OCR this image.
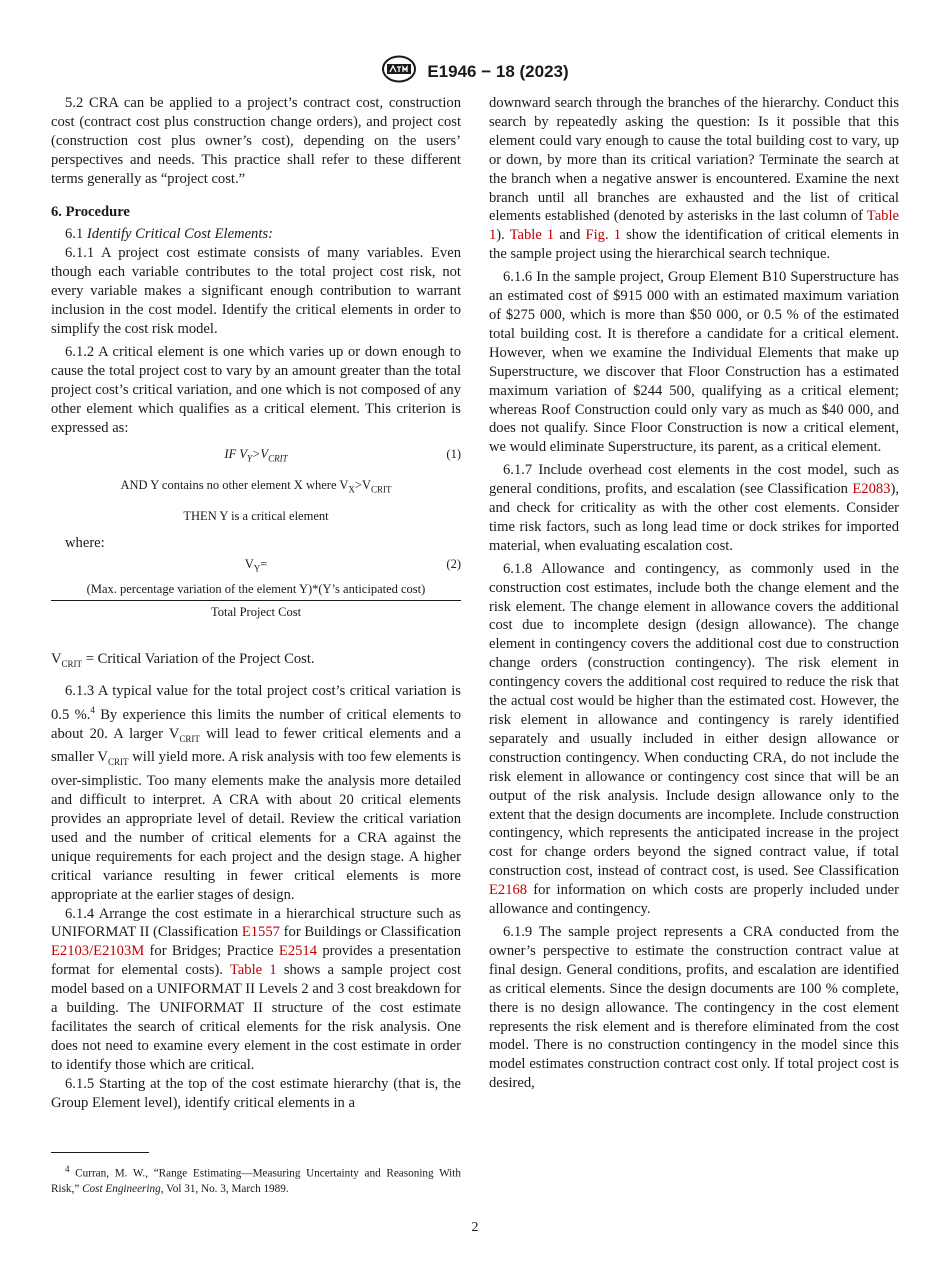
E1946 − 18 (2023)

5.2 CRA can be applied to a project’s contract cost, construction cost (contract cost plus construction change orders), and project cost (construction cost plus owner’s cost), depending on the users’ perspectives and needs. This practice shall refer to these different terms generally as “project cost.”

6. Procedure

6.1 Identify Critical Cost Elements:

6.1.1 A project cost estimate consists of many variables. Even though each variable contributes to the total project cost risk, not every variable makes a significant enough contribution to warrant inclusion in the cost model. Identify the critical elements in order to simplify the cost risk model.

6.1.2 A critical element is one which varies up or down enough to cause the total project cost to vary by an amount greater than the total project cost’s critical variation, and one which is not composed of any other element which qualifies as a critical element. This criterion is expressed as:

IF $V_Y>V_{CRIT}$	(1)
AND Y contains no other element X where $V_X>V_{CRIT}$
THEN Y is a critical element

where:

$V_Y=$	(2)
(Max. percentage variation of the element Y)*(Y’s anticipated cost)
Total Project Cost

$V_{CRIT}$ = Critical Variation of the Project Cost.

6.1.3 A typical value for the total project cost’s critical variation is 0.5 %.$^4$ By experience this limits the number of critical elements to about 20. A larger $V_{CRIT}$ will lead to fewer critical elements and a smaller $V_{CRIT}$ will yield more. A risk analysis with too few elements is over-simplistic. Too many elements make the analysis more detailed and difficult to interpret. A CRA with about 20 critical elements provides an appropriate level of detail. Review the critical variation used and the number of critical elements for a CRA against the unique requirements for each project and the design stage. A higher critical variance resulting in fewer critical elements is more appropriate at the earlier stages of design.

6.1.4 Arrange the cost estimate in a hierarchical structure such as UNIFORMAT II (Classification E1557 for Buildings or Classification E2103/E2103M for Bridges; Practice E2514 provides a presentation format for elemental costs). Table 1 shows a sample project cost model based on a UNIFORMAT II Levels 2 and 3 cost breakdown for a building. The UNIFORMAT II structure of the cost estimate facilitates the search of critical elements for the risk analysis. One does not need to examine every element in the cost estimate in order to identify those which are critical.

6.1.5 Starting at the top of the cost estimate hierarchy (that is, the Group Element level), identify critical elements in a

downward search through the branches of the hierarchy. Conduct this search by repeatedly asking the question: Is it possible that this element could vary enough to cause the total building cost to vary, up or down, by more than its critical variation? Terminate the search at the branch when a negative answer is encountered. Examine the next branch until all branches are exhausted and the list of critical elements established (denoted by asterisks in the last column of Table 1). Table 1 and Fig. 1 show the identification of critical elements in the sample project using the hierarchical search technique.

6.1.6 In the sample project, Group Element B10 Superstructure has an estimated cost of $915 000 with an estimated maximum variation of $275 000, which is more than $50 000, or 0.5 % of the estimated total building cost. It is therefore a candidate for a critical element. However, when we examine the Individual Elements that make up Superstructure, we discover that Floor Construction has a estimated maximum variation of $244 500, qualifying as a critical element; whereas Roof Construction could only vary as much as $40 000, and does not qualify. Since Floor Construction is now a critical element, we would eliminate Superstructure, its parent, as a critical element.

6.1.7 Include overhead cost elements in the cost model, such as general conditions, profits, and escalation (see Classification E2083), and check for criticality as with the other cost elements. Consider time risk factors, such as long lead time or dock strikes for imported material, when evaluating escalation cost.

6.1.8 Allowance and contingency, as commonly used in the construction cost estimates, include both the change element and the risk element. The change element in allowance covers the additional cost due to incomplete design (design allowance). The change element in contingency covers the additional cost due to construction change orders (construction contingency). The risk element in contingency covers the additional cost required to reduce the risk that the actual cost would be higher than the estimated cost. However, the risk element in allowance and contingency is rarely identified separately and usually included in either design allowance or construction contingency. When conducting CRA, do not include the risk element in allowance or contingency cost since that will be an output of the risk analysis. Include design allowance only to the extent that the design documents are incomplete. Include construction contingency, which represents the anticipated increase in the project cost for change orders beyond the signed contract value, if total construction cost, instead of contract cost, is used. See Classification E2168 for information on which costs are properly included under allowance and contingency.

6.1.9 The sample project represents a CRA conducted from the owner’s perspective to estimate the construction contract value at final design. General conditions, profits, and escalation are identified as critical elements. Since the design documents are 100 % complete, there is no design allowance. The contingency in the cost element represents the risk element and is therefore eliminated from the cost model. There is no construction contingency in the model since this model estimates construction contract cost only. If total project cost is desired,

$^4$ Curran, M. W., “Range Estimating—Measuring Uncertainty and Reasoning With Risk,” Cost Engineering, Vol 31, No. 3, March 1989.
2
